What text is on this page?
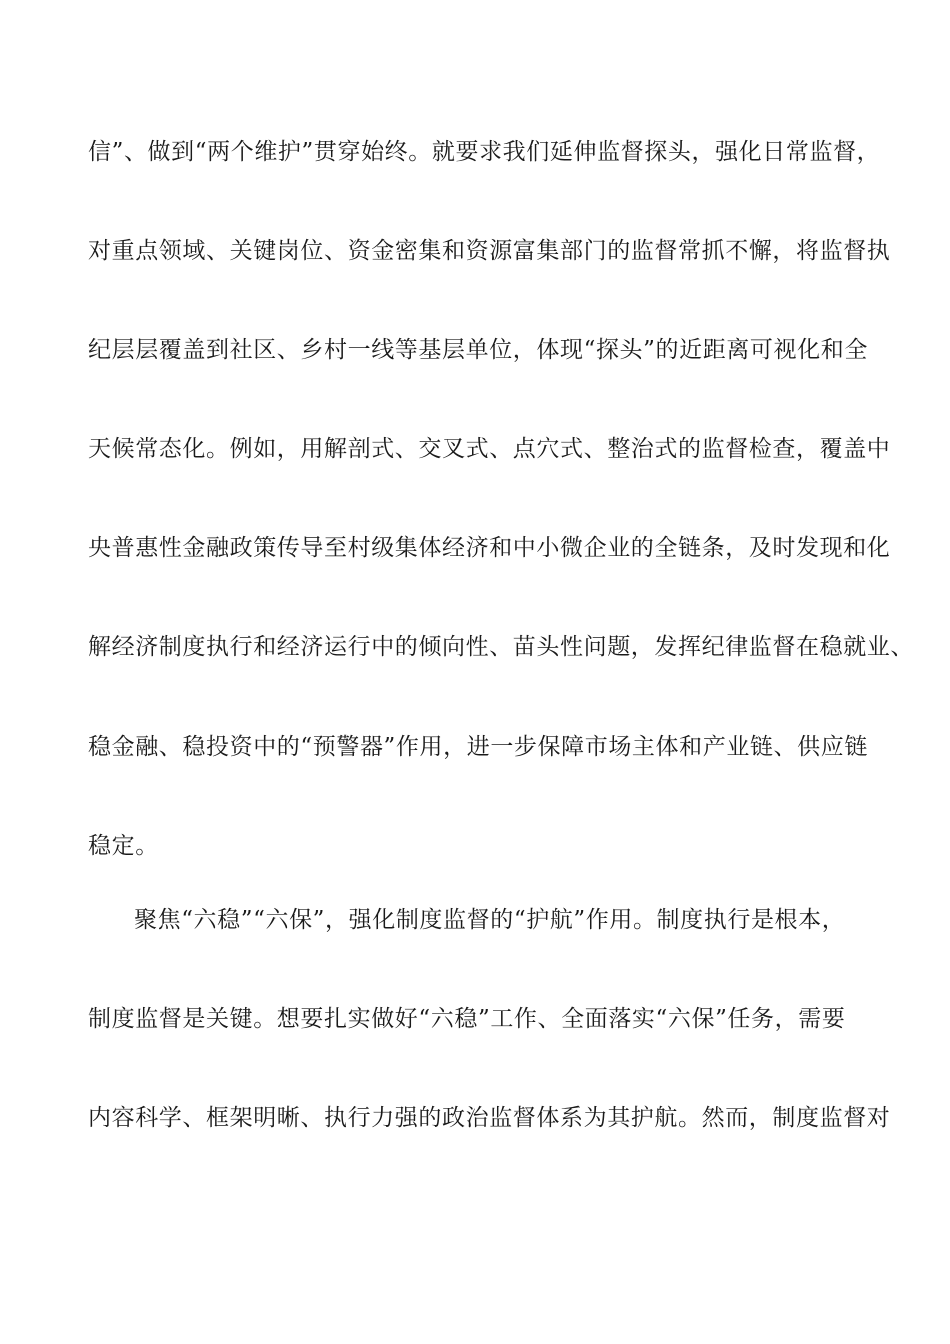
信”、做到“两个维护”贯穿始终。就要求我们延伸监督探头，强化日常监督，
对重点领域、关键岗位、资金密集和资源富集部门的监督常抓不懈，将监督执
纪层层覆盖到社区、乡村一线等基层单位，体现“探头”的近距离可视化和全
天候常态化。例如，用解剖式、交叉式、点穴式、整治式的监督检查，覆盖中
央普惠性金融政策传导至村级集体经济和中小微企业的全链条，及时发现和化
解经济制度执行和经济运行中的倾向性、苗头性问题，发挥纪律监督在稳就业、
稳金融、稳投资中的“预警器”作用，进一步保障市场主体和产业链、供应链
稳定。
聚焦“六稳”“六保”，强化制度监督的“护航”作用。制度执行是根本，
制度监督是关键。想要扎实做好“六稳”工作、全面落实“六保”任务，需要
内容科学、框架明晰、执行力强的政治监督体系为其护航。然而，制度监督对
